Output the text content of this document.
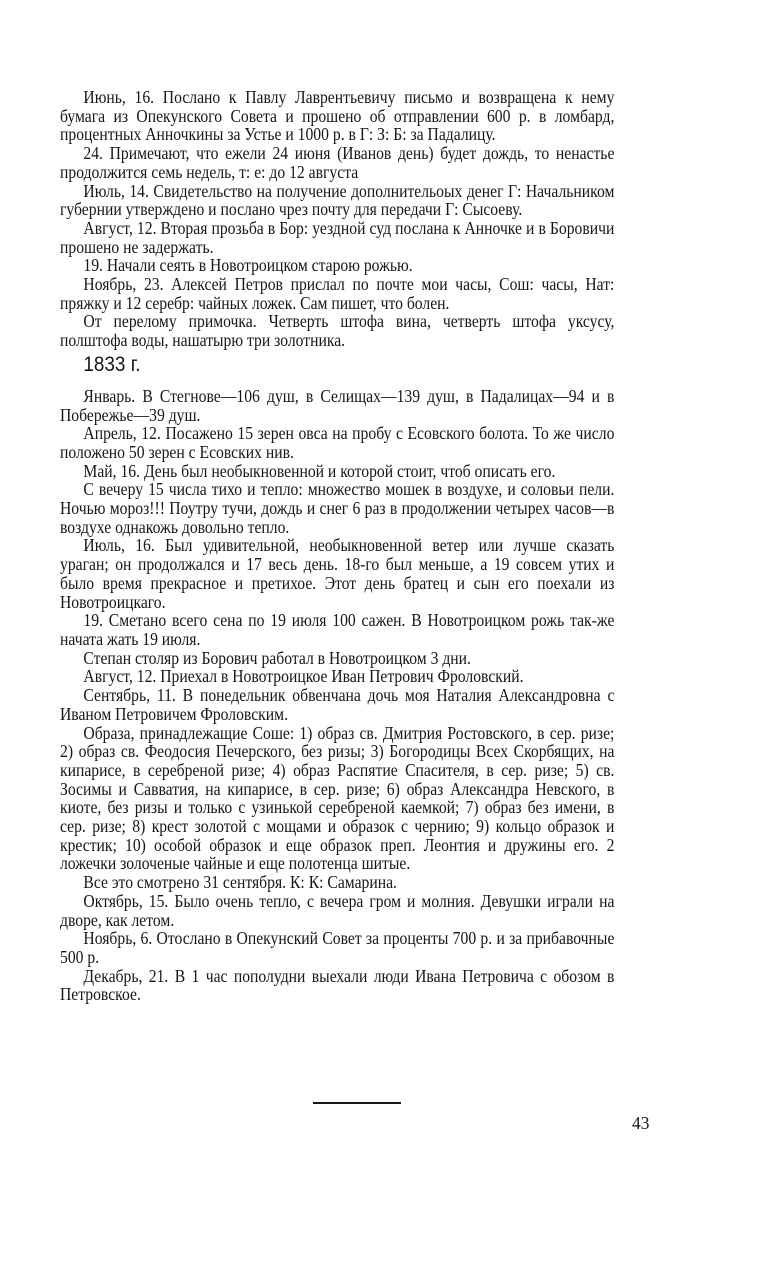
Июнь, 16. Послано к Павлу Лаврентьевичу письмо и возвращена к нему бумага из Опекунского Совета и прошено об отправлении 600 р. в ломбард, процентных Анночкины за Устье и 1000 р. в Г: З: Б: за Падалицу.

24. Примечают, что ежели 24 июня (Иванов день) будет дождь, то ненастье продолжится семь недель, т: е: до 12 августа

Июль, 14. Свидетельство на получение дополнительоых денег Г: Начальником губернии утверждено и послано чрез почту для передачи Г: Сысоеву.

Август, 12. Вторая прозьба в Бор: уездной суд послана к Анночке и в Боровичи прошено не задержать.

19. Начали сеять в Новотроицком старою рожью.

Ноябрь, 23. Алексей Петров прислал по почте мои часы, Сош: часы, Нат: пряжку и 12 серебр: чайных ложек. Сам пишет, что болен.

От перелому примочка. Четверть штофа вина, четверть штофа уксусу, полштофа воды, нашатырю три золотника.

1833 г.

Январь. В Стегнове—106 душ, в Селищах—139 душ, в Падалицах—94 и в Побережье—39 душ.

Апрель, 12. Посажено 15 зерен овса на пробу с Есовского болота. То же число положено 50 зерен с Есовских нив.

Май, 16. День был необыкновенной и которой стоит, чтоб описать его.

С вечеру 15 числа тихо и тепло: множество мошек в воздухе, и соловьи пели. Ночью мороз!!! Поутру тучи, дождь и снег 6 раз в продолжении четырех часов—в воздухе однакожь довольно тепло.

Июль, 16. Был удивительной, необыкновенной ветер или лучше сказать ураган; он продолжался и 17 весь день. 18-го был меньше, а 19 совсем утих и было время прекрасное и претихое. Этот день братец и сын его поехали из Новотроицкаго.

19. Сметано всего сена по 19 июля 100 сажен. В Новотроицком рожь так-же начата жать 19 июля.

Степан столяр из Борович работал в Новотроицком 3 дни.

Август, 12. Приехал в Новотроицкое Иван Петрович Фроловский.

Сентябрь, 11. В понедельник обвенчана дочь моя Наталия Александровна с Иваном Петровичем Фроловским.

Образа, принадлежащие Соше: 1) образ св. Дмитрия Ростовского, в сер. ризе; 2) образ св. Феодосия Печерского, без ризы; 3) Богородицы Всех Скорбящих, на кипарисе, в серебреной ризе; 4) образ Распятие Спасителя, в сер. ризе; 5) св. Зосимы и Савватия, на кипарисе, в сер. ризе; 6) образ Александра Невского, в киоте, без ризы и только с узинькой серебреной каемкой; 7) образ без имени, в сер. ризе; 8) крест золотой с мощами и образок с чернию; 9) кольцо образок и крестик; 10) особой образок и еще образок преп. Леонтия и дружины его. 2 ложечки золоченые чайные и еще полотенца шитые.

Все это смотрено 31 сентября. К: К: Самарина.

Октябрь, 15. Было очень тепло, с вечера гром и молния. Девушки играли на дворе, как летом.

Ноябрь, 6. Отослано в Опекунский Совет за проценты 700 р. и за прибавочные 500 р.

Декабрь, 21. В 1 час пополудни выехали люди Ивана Петровича с обозом в Петровское.

43
